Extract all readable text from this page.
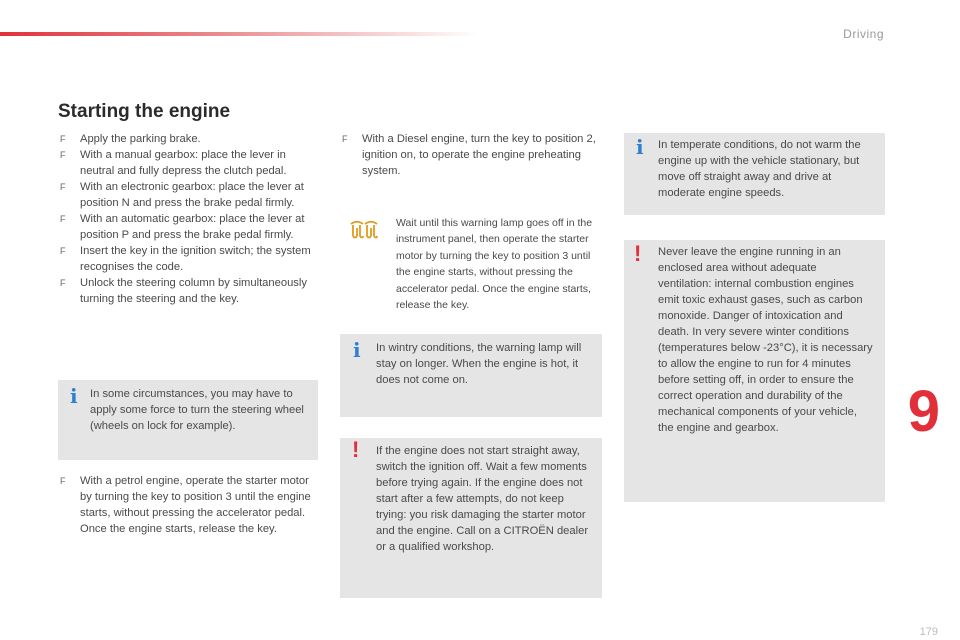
Driving
Starting the engine

F Apply the parking brake.

F With a manual gearbox: place the lever in neutral and fully depress the clutch pedal.

F With an electronic gearbox: place the lever at position N and press the brake pedal firmly.

F With an automatic gearbox: place the lever at position P and press the brake pedal firmly.

F Insert the key in the ignition switch; the system recognises the code.

F Unlock the steering column by simultaneously turning the steering and the key.

i In some circumstances, you may have to apply some force to turn the steering wheel (wheels on lock for example).

F With a petrol engine, operate the starter motor by turning the key to position 3 until the engine starts, without pressing the accelerator pedal. Once the engine starts, release the key.

F With a Diesel engine, turn the key to position 2, ignition on, to operate the engine preheating system.

Wait until this warning lamp goes off in the instrument panel, then operate the starter motor by turning the key to position 3 until the engine starts, without pressing the accelerator pedal. Once the engine starts, release the key.
i In wintry conditions, the warning lamp will stay on longer. When the engine is hot, it does not come on.

! If the engine does not start straight away, switch the ignition off. Wait a few moments before trying again. If the engine does not start after a few attempts, do not keep trying: you risk damaging the starter motor and the engine. Call on a CITROËN dealer or a qualified workshop.

i In temperate conditions, do not warm the engine up with the vehicle stationary, but move off straight away and drive at moderate engine speeds.

! Never leave the engine running in an enclosed area without adequate ventilation: internal combustion engines emit toxic exhaust gases, such as carbon monoxide. Danger of intoxication and death. In very severe winter conditions (temperatures below -23°C), it is necessary to allow the engine to run for 4 minutes before setting off, in order to ensure the correct operation and durability of the mechanical components of your vehicle, the engine and gearbox.	9
179
